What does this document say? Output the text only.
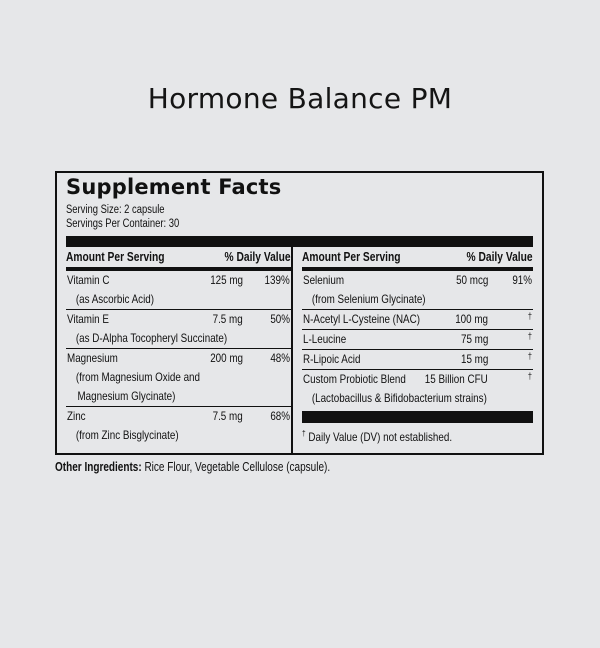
Hormone Balance PM
Supplement Facts
Serving Size: 2 capsule
Servings Per Container: 30
Amount Per Serving	% Daily Value
Vitamin C	125 mg 139%
(as Ascorbic Acid)
Vitamin E	7.5 mg 50%
(as D-Alpha Tocopheryl Succinate)
Magnesium	200 mg 48%
(from Magnesium Oxide and
Magnesium Glycinate)
Zinc	7.5 mg 68%
(from Zinc Bisglycinate)
Amount Per Serving	% Daily Value
Selenium	50 mcg 91%
(from Selenium Glycinate)
N-Acetyl L-Cysteine (NAC)	100 mg	†
L-Leucine	75 mg	†
R-Lipoic Acid	15 mg	†
Custom Probiotic Blend 15 Billion CFU	†
(Lactobacillus & Bifidobacterium strains)
† Daily Value (DV) not established.
Other Ingredients: Rice Flour, Vegetable Cellulose (capsule).
